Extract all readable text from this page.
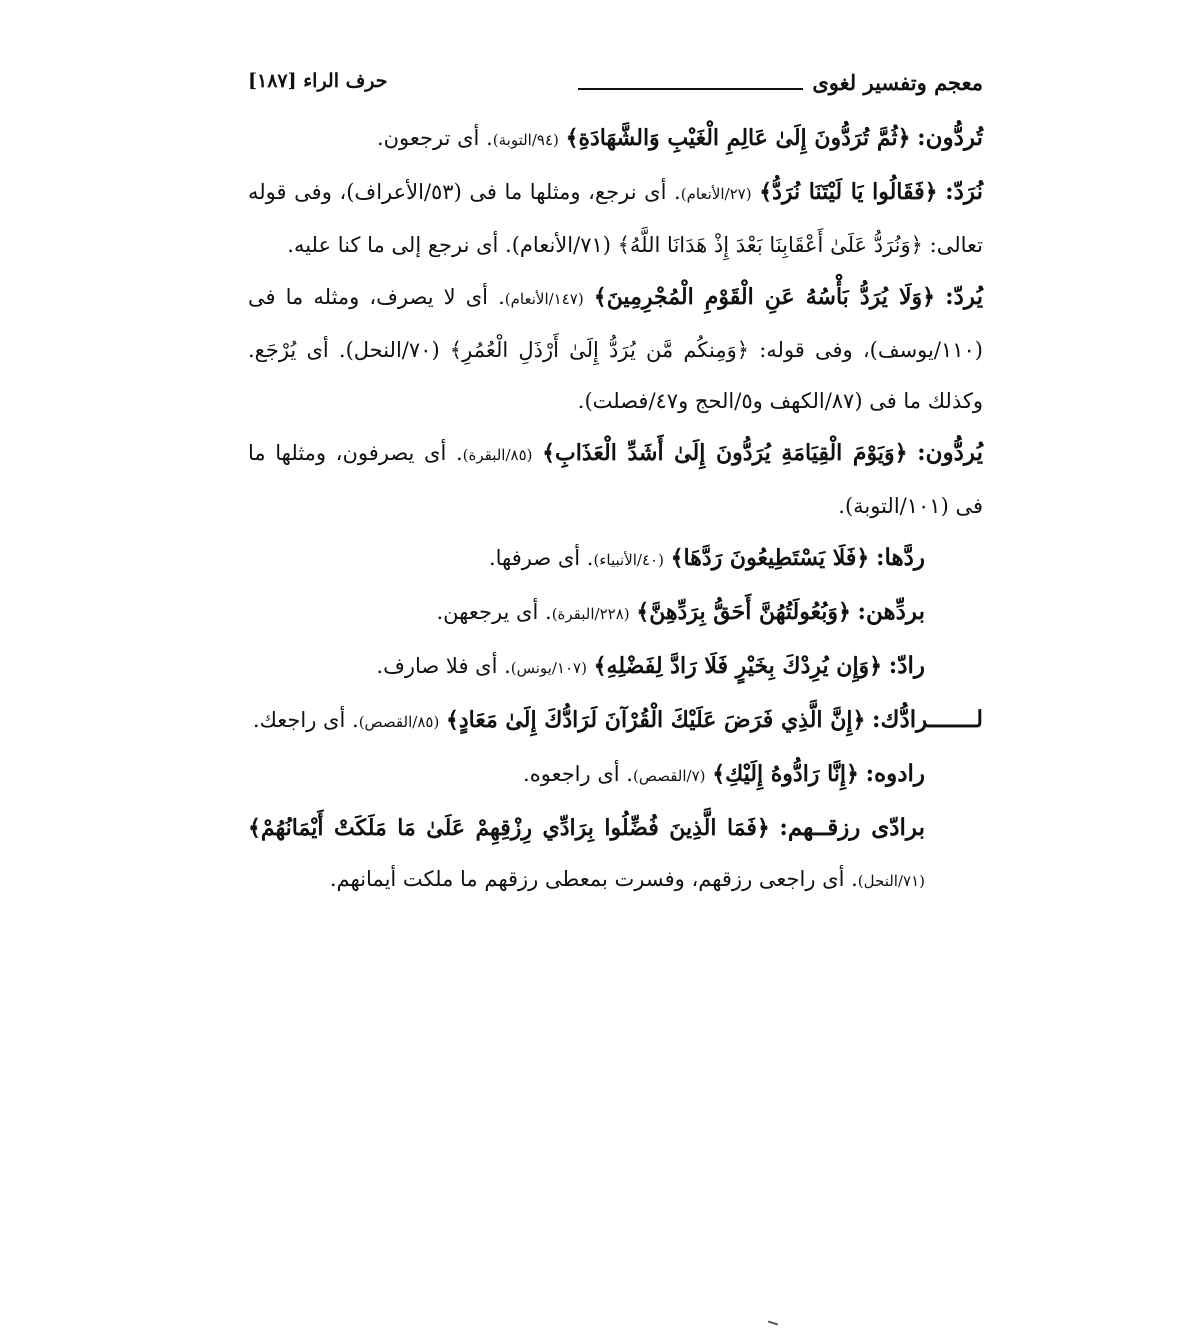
معجم وتفسير لغوى
حرف الراء [١٨٧]

تُردُّون: ﴿ثُمَّ تُرَدُّونَ إِلَىٰ عَالِمِ الْغَيْبِ وَالشَّهَادَةِ﴾ (٩٤/التوبة). أى ترجعون.

نُرَدّ: ﴿فَقَالُوا يَا لَيْتَنَا نُرَدُّ﴾ (٢٧/الأنعام). أى نرجع، ومثلها ما فى (٥٣/الأعراف)، وفى قوله تعالى: ﴿وَنُرَدُّ عَلَىٰ أَعْقَابِنَا بَعْدَ إِذْ هَدَانَا اللَّهُ﴾ (٧١/الأنعام). أى نرجع إلى ما كنا عليه.

يُردّ: ﴿وَلَا يُرَدُّ بَأْسُهُ عَنِ الْقَوْمِ الْمُجْرِمِينَ﴾ (١٤٧/الأنعام). أى لا يصرف، ومثله ما فى (١١٠/يوسف)، وفى قوله: ﴿وَمِنكُم مَّن يُرَدُّ إِلَىٰ أَرْذَلِ الْعُمُرِ﴾ (٧٠/النحل). أى يُرْجَع. وكذلك ما فى (٨٧/الكهف و٥/الحج و٤٧/فصلت).

يُردُّون: ﴿وَيَوْمَ الْقِيَامَةِ يُرَدُّونَ إِلَىٰ أَشَدِّ الْعَذَابِ﴾ (٨٥/البقرة). أى يصرفون، ومثلها ما فى (١٠١/التوبة).

ردَّها: ﴿فَلَا يَسْتَطِيعُونَ رَدَّهَا﴾ (٤٠/الأنبياء). أى صرفها.

بردِّهن: ﴿وَبُعُولَتُهُنَّ أَحَقُّ بِرَدِّهِنَّ﴾ (٢٢٨/البقرة). أى يرجعهن.

رادّ: ﴿وَإِن يُرِدْكَ بِخَيْرٍ فَلَا رَادَّ لِفَضْلِهِ﴾ (١٠٧/يونس). أى فلا صارف.

لـــــــرادُّك: ﴿إِنَّ الَّذِي فَرَضَ عَلَيْكَ الْقُرْآنَ لَرَادُّكَ إِلَىٰ مَعَادٍ﴾ (٨٥/القصص). أى راجعك.

رادوه: ﴿إِنَّا رَادُّوهُ إِلَيْكِ﴾ (٧/القصص). أى راجعوه.

برادّى رزقــهم: ﴿فَمَا الَّذِينَ فُضِّلُوا بِرَادِّي رِزْقِهِمْ عَلَىٰ مَا مَلَكَتْ أَيْمَانُهُمْ﴾ (٧١/النحل). أى راجعى رزقهم، وفسرت بمعطى رزقهم ما ملكت أيمانهم.
